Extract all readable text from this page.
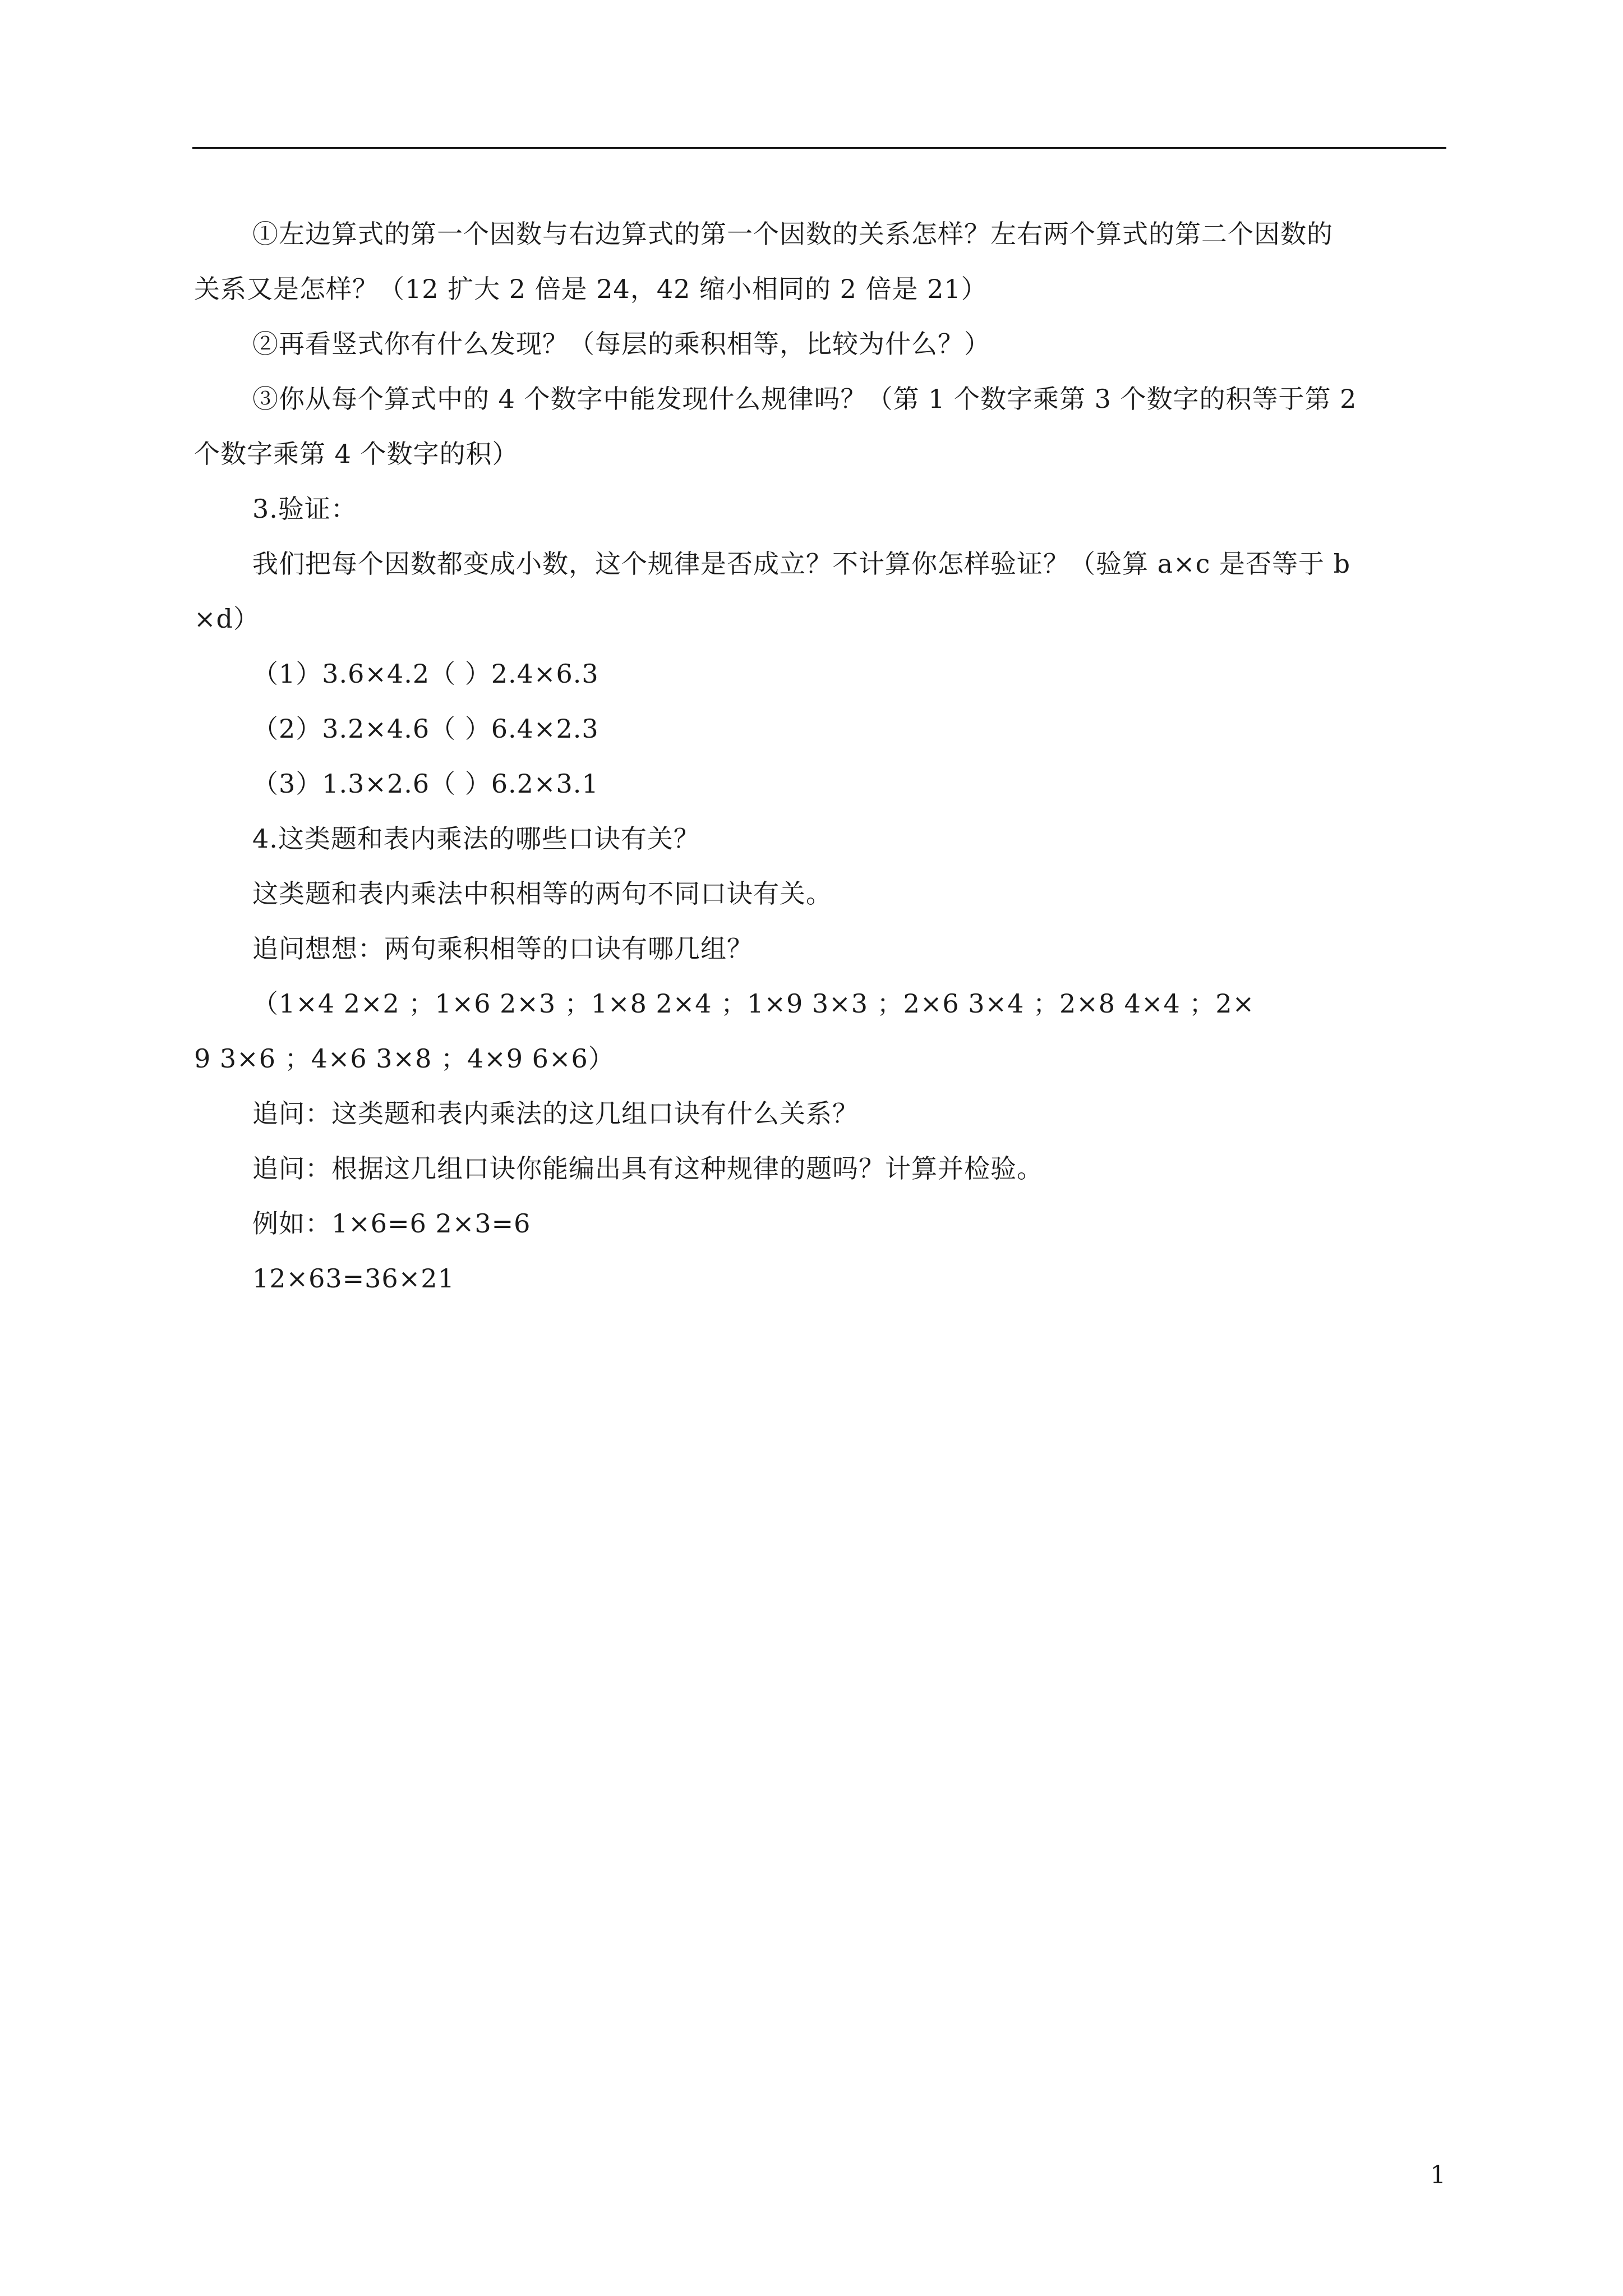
①左边算式的第一个因数与右边算式的第一个因数的关系怎样？左右两个算式的第二个因数的
关系又是怎样？（12 扩大 2 倍是 24，42 缩小相同的 2 倍是 21）
②再看竖式你有什么发现？（每层的乘积相等，比较为什么？）
③你从每个算式中的 4 个数字中能发现什么规律吗？（第 1 个数字乘第 3 个数字的积等于第 2
个数字乘第 4 个数字的积）
3.验证：
我们把每个因数都变成小数，这个规律是否成立？不计算你怎样验证？（验算 a×c 是否等于 b
×d）
（1）3.6×4.2（ ）2.4×6.3
（2）3.2×4.6（ ）6.4×2.3
（3）1.3×2.6（ ）6.2×3.1
4.这类题和表内乘法的哪些口诀有关？
这类题和表内乘法中积相等的两句不同口诀有关。
追问想想：两句乘积相等的口诀有哪几组？
（1×4 2×2 ；1×6 2×3 ；1×8 2×4 ；1×9 3×3 ；2×6 3×4 ；2×8 4×4 ；2×
9 3×6 ；4×6 3×8 ；4×9 6×6）
追问：这类题和表内乘法的这几组口诀有什么关系？
追问：根据这几组口诀你能编出具有这种规律的题吗？计算并检验。
例如：1×6=6 2×3=6
12×63=36×21
1
